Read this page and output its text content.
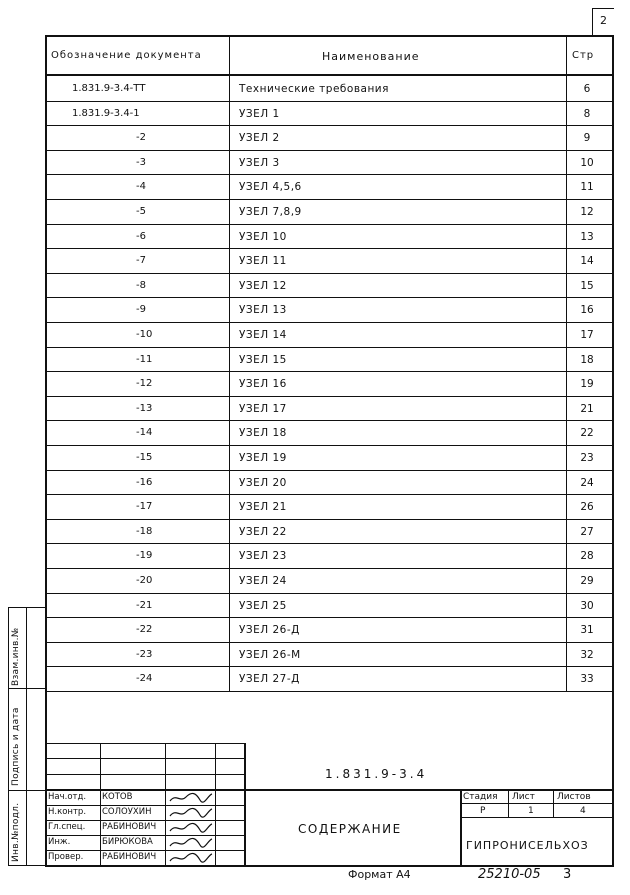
2
Обозначение документа	Наименование	Стр
1.831.9-3.4-ТТ	Технические требования	6
1.831.9-3.4-1	УЗЕЛ 1	8
-2	УЗЕЛ 2	9
-3	УЗЕЛ 3	10
-4	УЗЕЛ 4,5,6	11
-5	УЗЕЛ 7,8,9	12
-6	УЗЕЛ 10	13
-7	УЗЕЛ 11	14
-8	УЗЕЛ 12	15
-9	УЗЕЛ 13	16
-10	УЗЕЛ 14	17
-11	УЗЕЛ 15	18
-12	УЗЕЛ 16	19
-13	УЗЕЛ 17	21
-14	УЗЕЛ 18	22
-15	УЗЕЛ 19	23
-16	УЗЕЛ 20	24
-17	УЗЕЛ 21	26
-18	УЗЕЛ 22	27
-19	УЗЕЛ 23	28
-20	УЗЕЛ 24	29
-21	УЗЕЛ 25	30
-22	УЗЕЛ 26-Д	31
-23	УЗЕЛ 26-М	32
-24	УЗЕЛ 27-Д	33
Инв.№подл.
Подпись и дата
Взам.инв.№
1.831.9-3.4
СОДЕРЖАНИЕ
Стадия Лист Листов
Р	1	4
ГИПРОНИСЕЛЬХОЗ
Нач.отд. КОТОВ
Н.контр. СОЛОУХИН
Гл.спец. РАБИНОВИЧ
Инж.	БИРЮКОВА
Провер. РАБИНОВИЧ
Формат А4	25210-05 3
